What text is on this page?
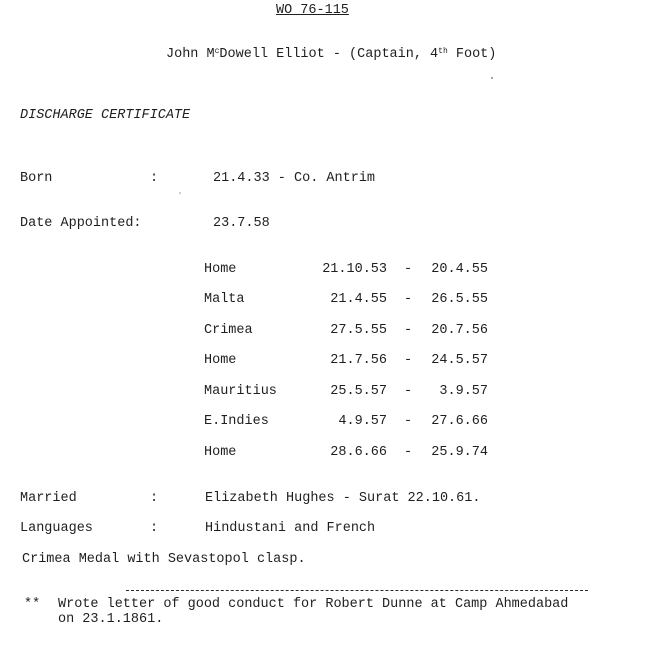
WO 76-115
John $M^cDowell$ Elliot - (Captain, 4th Foot)
DISCHARGE CERTIFICATE
Born	:	21.4.33 - Co. Antrim
Date Appointed:	23.7.58
Home	21.10.53 -	20.4.55
Malta	21.4.55 -	26.5.55
Crimea	27.5.55 -	20.7.56
Home	21.7.56 -	24.5.57
Mauritius	25.5.57 -	3.9.57
E.Indies	4.9.57 -	27.6.66
Home	28.6.66 -	25.9.74
Married	:	Elizabeth Hughes - Surat 22.10.61.
Languages	:	Hindustani and French
Crimea Medal with Sevastopol clasp.
** Wrote letter of good conduct for Robert Dunne at Camp Ahmedabad
on 23.1.1861.
